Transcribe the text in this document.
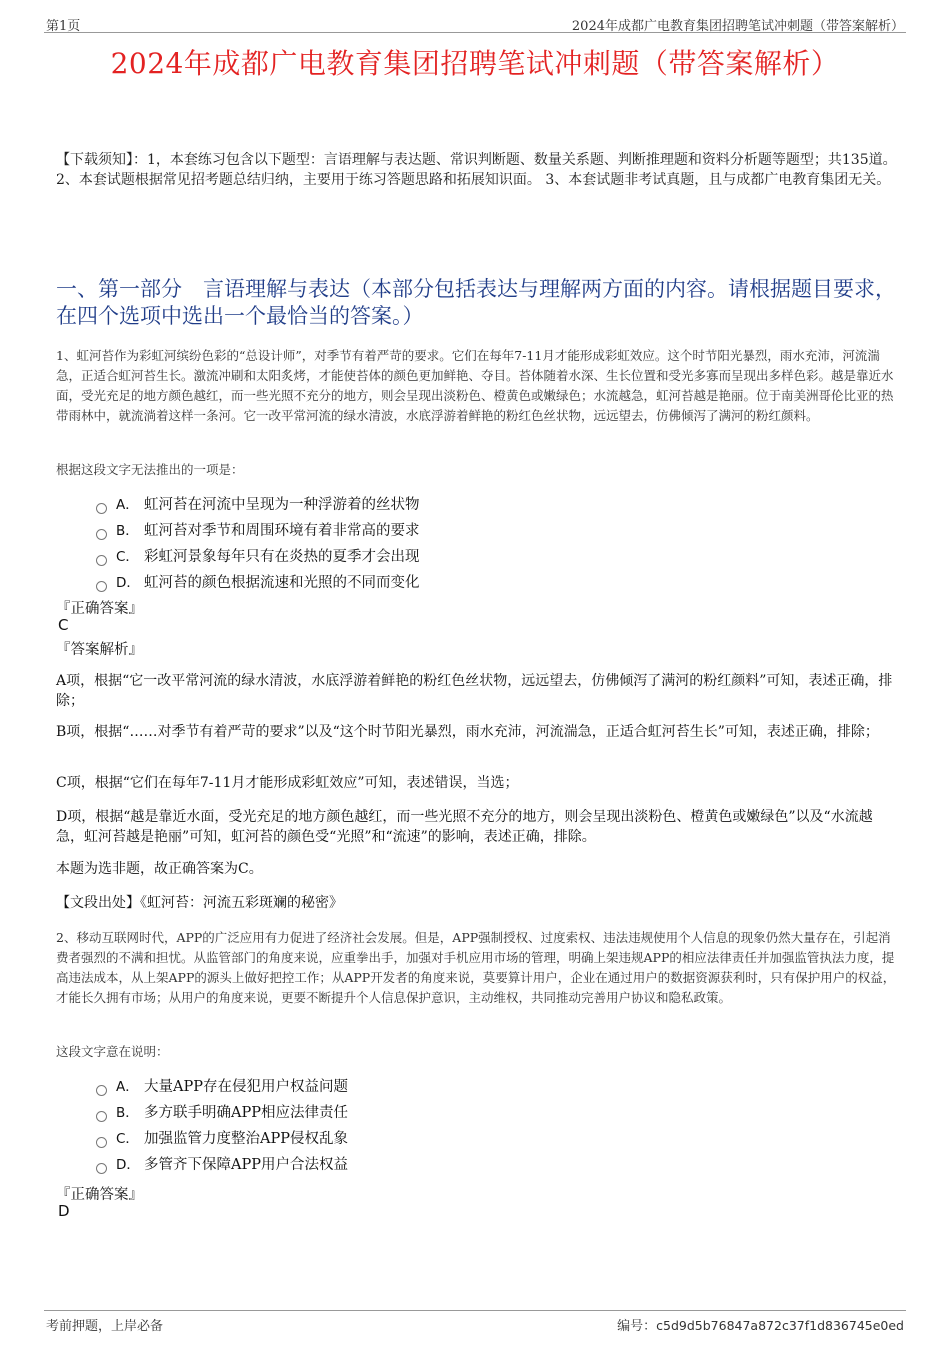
第1页	2024年成都广电教育集团招聘笔试冲刺题（带答案解析）
2024年成都广电教育集团招聘笔试冲刺题（带答案解析）
【下载须知】：1，本套练习包含以下题型：言语理解与表达题、常识判断题、数量关系题、判断推理题和资料分析题等题型；共135道。 2、本套试题根据常见招考题总结归纳，主要用于练习答题思路和拓展知识面。 3、本套试题非考试真题，且与成都广电教育集团无关。
一、第一部分　言语理解与表达（本部分包括表达与理解两方面的内容。请根据题目要求，在四个选项中选出一个最恰当的答案。）
1、虹河苔作为彩虹河缤纷色彩的“总设计师”，对季节有着严苛的要求。它们在每年7-11月才能形成彩虹效应。这个时节阳光暴烈，雨水充沛，河流湍急，正适合虹河苔生长。激流冲刷和太阳炙烤，才能使苔体的颜色更加鲜艳、夺目。苔体随着水深、生长位置和受光多寡而呈现出多样色彩。越是靠近水面，受光充足的地方颜色越红，而一些光照不充分的地方，则会呈现出淡粉色、橙黄色或嫩绿色；水流越急，虹河苔越是艳丽。位于南美洲哥伦比亚的热带雨林中，就流淌着这样一条河。它一改平常河流的绿水清波，水底浮游着鲜艳的粉红色丝状物，远远望去，仿佛倾泻了满河的粉红颜料。
根据这段文字无法推出的一项是：
A． 虹河苔在河流中呈现为一种浮游着的丝状物
B． 虹河苔对季节和周围环境有着非常高的要求
C． 彩虹河景象每年只有在炎热的夏季才会出现
D． 虹河苔的颜色根据流速和光照的不同而变化
『正确答案』
C
『答案解析』
A项，根据“它一改平常河流的绿水清波，水底浮游着鲜艳的粉红色丝状物，远远望去，仿佛倾泻了满河的粉红颜料”可知，表述正确，排除；
B项，根据“……对季节有着严苛的要求”以及“这个时节阳光暴烈，雨水充沛，河流湍急，正适合虹河苔生长”可知，表述正确，排除；
C项，根据“它们在每年7-11月才能形成彩虹效应”可知，表述错误，当选；
D项，根据“越是靠近水面，受光充足的地方颜色越红，而一些光照不充分的地方，则会呈现出淡粉色、橙黄色或嫩绿色”以及“水流越急，虹河苔越是艳丽”可知，虹河苔的颜色受“光照”和“流速”的影响，表述正确，排除。
本题为选非题，故正确答案为C。
【文段出处】《虹河苔：河流五彩斑斓的秘密》
2、移动互联网时代，APP的广泛应用有力促进了经济社会发展。但是，APP强制授权、过度索权、违法违规使用个人信息的现象仍然大量存在，引起消费者强烈的不满和担忧。从监管部门的角度来说，应重拳出手，加强对手机应用市场的管理，明确上架违规APP的相应法律责任并加强监管执法力度，提高违法成本，从上架APP的源头上做好把控工作；从APP开发者的角度来说，莫要算计用户，企业在通过用户的数据资源获利时，只有保护用户的权益，才能长久拥有市场；从用户的角度来说，更要不断提升个人信息保护意识，主动维权，共同推动完善用户协议和隐私政策。
这段文字意在说明：
A． 大量APP存在侵犯用户权益问题
B． 多方联手明确APP相应法律责任
C． 加强监管力度整治APP侵权乱象
D． 多管齐下保障APP用户合法权益
『正确答案』
D
考前押题，上岸必备	编号：c5d9d5b76847a872c37f1d836745e0ed
